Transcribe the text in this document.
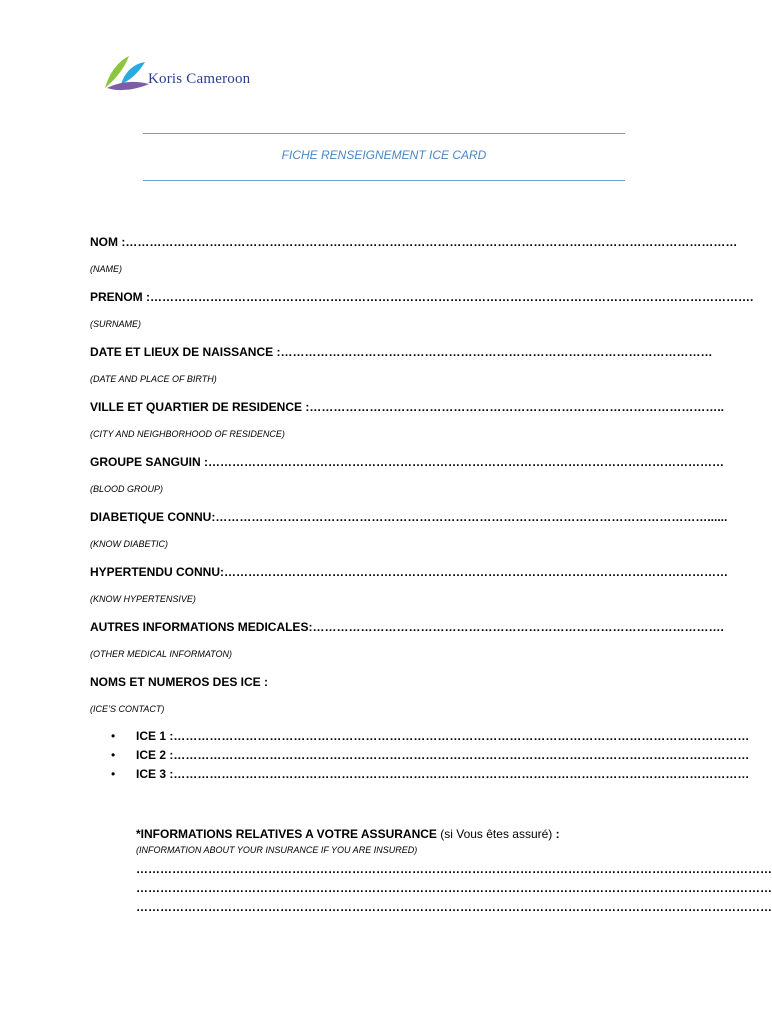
Koris Cameroon
FICHE RENSEIGNEMENT ICE CARD
NOM :………………………………………………………………………………………………………………………………………
(NAME)
PRENOM :…………………………………………………………………………………………………………………………………….
(SURNAME)
DATE ET LIEUX DE NAISSANCE :………………………………………………………………………………………………
(DATE AND PLACE OF BIRTH)
VILLE ET QUARTIER DE RESIDENCE :…………………………………………………………………………………………..
(CITY AND NEIGHBORHOOD OF RESIDENCE)
GROUPE SANGUIN :…………………………………………………………………………………………………………………
(BLOOD GROUP)
DIABETIQUE CONNU:……………………………………………………………………………………………………………......
(KNOW DIABETIC)
HYPERTENDU CONNU:………………………………………………………………………………………………………………
(KNOW HYPERTENSIVE)
AUTRES INFORMATIONS MEDICALES:………………………………………………………………………………………….
(OTHER MEDICAL INFORMATON)
NOMS ET NUMEROS DES ICE :
(ICE’S CONTACT)
• ICE 1 :………………………………………………………………………………………………………………………………
• ICE 2 :………………………………………………………………………………………………………………………………
• ICE 3 :………………………………………………………………………………………………………………………………
*INFORMATIONS RELATIVES A VOTRE ASSURANCE (si Vous êtes assuré) :
(INFORMATION ABOUT YOUR INSURANCE IF YOU ARE INSURED)
……………………………………………………………………………………………………………………………………………
……………………………………………………………………………………………………………………………………………
……………………………………………………………………………………………………………………………………………
